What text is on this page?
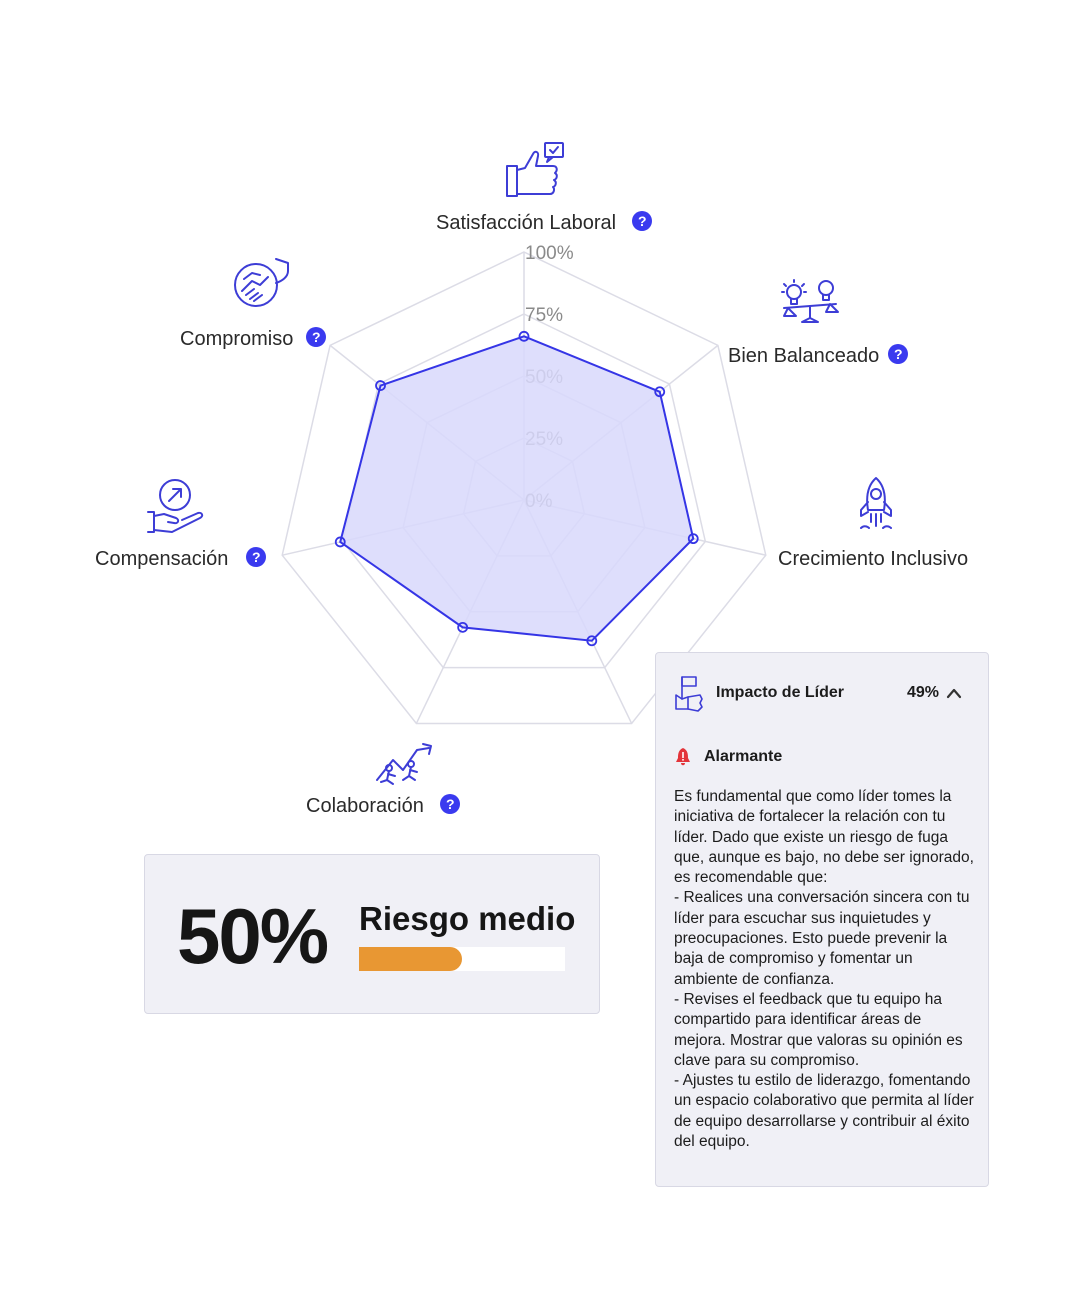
75%
100%
Satisfacción Laboral ?
Bien Balanceado ?
Crecimiento Inclusivo
Colaboración ?
Compensación ?
Compromiso ?
50% Riesgo medio
Impacto de Líder	49%
Alarmante
Es fundamental que como líder tomes la iniciativa de fortalecer la relación con tu líder. Dado que existe un riesgo de fuga que, aunque es bajo, no debe ser ignorado, es recomendable que:
- Realices una conversación sincera con tu líder para escuchar sus inquietudes y preocupaciones. Esto puede prevenir la baja de compromiso y fomentar un ambiente de confianza.
- Revises el feedback que tu equipo ha compartido para identificar áreas de mejora. Mostrar que valoras su opinión es clave para su compromiso.
- Ajustes tu estilo de liderazgo, fomentando un espacio colaborativo que permita al líder de equipo desarrollarse y contribuir al éxito del equipo.
